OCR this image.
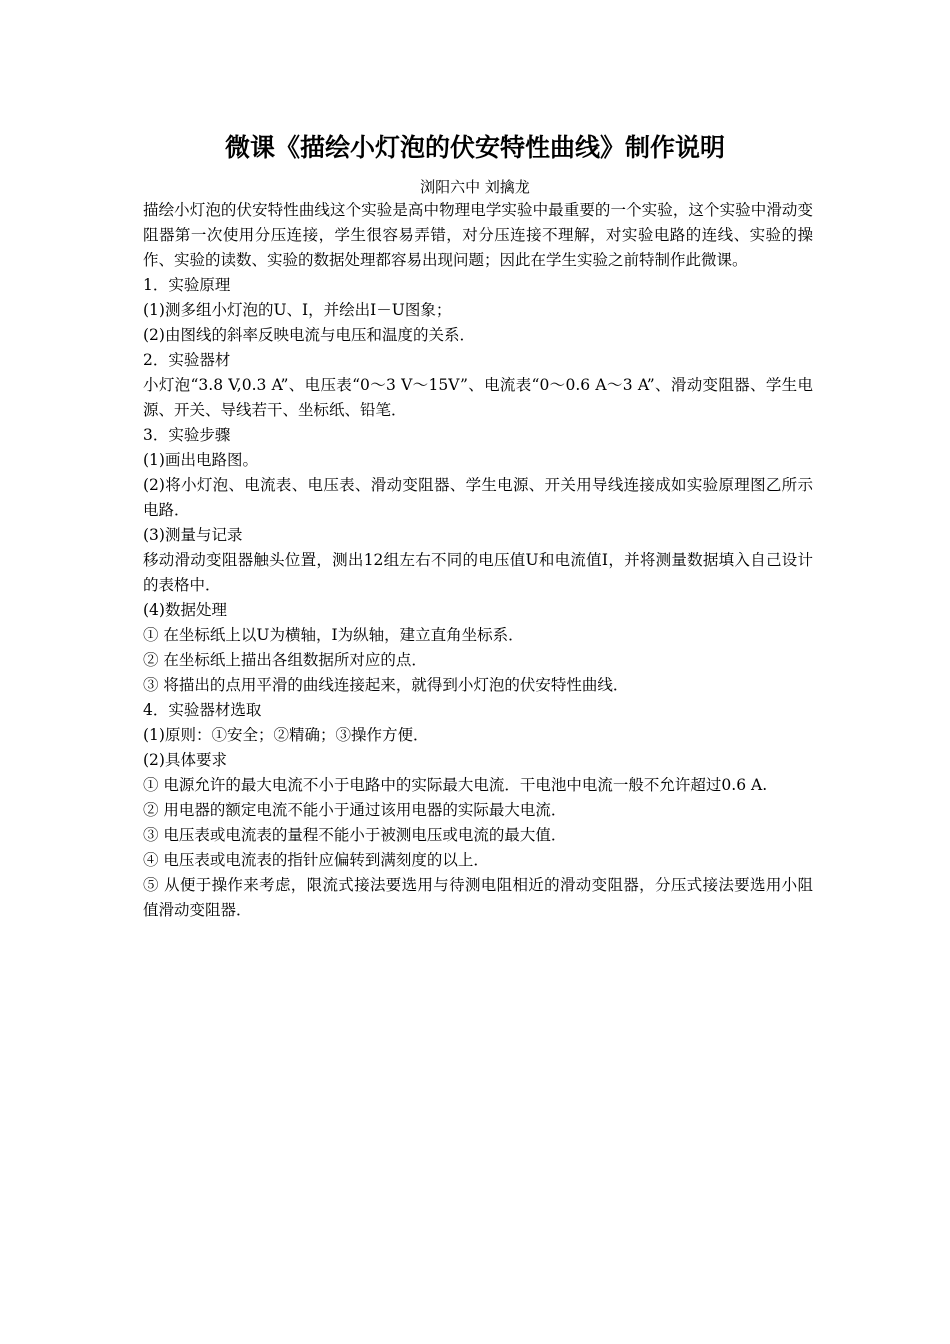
微课《描绘小灯泡的伏安特性曲线》制作说明
浏阳六中 刘擒龙

描绘小灯泡的伏安特性曲线这个实验是高中物理电学实验中最重要的一个实验，这个实验中滑动变阻器第一次使用分压连接，学生很容易弄错，对分压连接不理解，对实验电路的连线、实验的操作、实验的读数、实验的数据处理都容易出现问题；因此在学生实验之前特制作此微课。

1．实验原理

(1)测多组小灯泡的U、I，并绘出I－U图象；

(2)由图线的斜率反映电流与电压和温度的关系．

2．实验器材

小灯泡“3.8 V,0.3 A”、电压表“0～3 V～15V”、电流表“0～0.6 A～3 A”、滑动变阻器、学生电源、开关、导线若干、坐标纸、铅笔．

3．实验步骤

(1)画出电路图。

(2)将小灯泡、电流表、电压表、滑动变阻器、学生电源、开关用导线连接成如实验原理图乙所示电路．

(3)测量与记录

移动滑动变阻器触头位置，测出12组左右不同的电压值U和电流值I，并将测量数据填入自己设计的表格中．

(4)数据处理

① 在坐标纸上以U为横轴，I为纵轴，建立直角坐标系．

② 在坐标纸上描出各组数据所对应的点．

③ 将描出的点用平滑的曲线连接起来，就得到小灯泡的伏安特性曲线．

4．实验器材选取

(1)原则：①安全；②精确；③操作方便．

(2)具体要求

① 电源允许的最大电流不小于电路中的实际最大电流．干电池中电流一般不允许超过0.6 A.

② 用电器的额定电流不能小于通过该用电器的实际最大电流．

③ 电压表或电流表的量程不能小于被测电压或电流的最大值．

④ 电压表或电流表的指针应偏转到满刻度的以上．

⑤ 从便于操作来考虑，限流式接法要选用与待测电阻相近的滑动变阻器，分压式接法要选用小阻值滑动变阻器．
